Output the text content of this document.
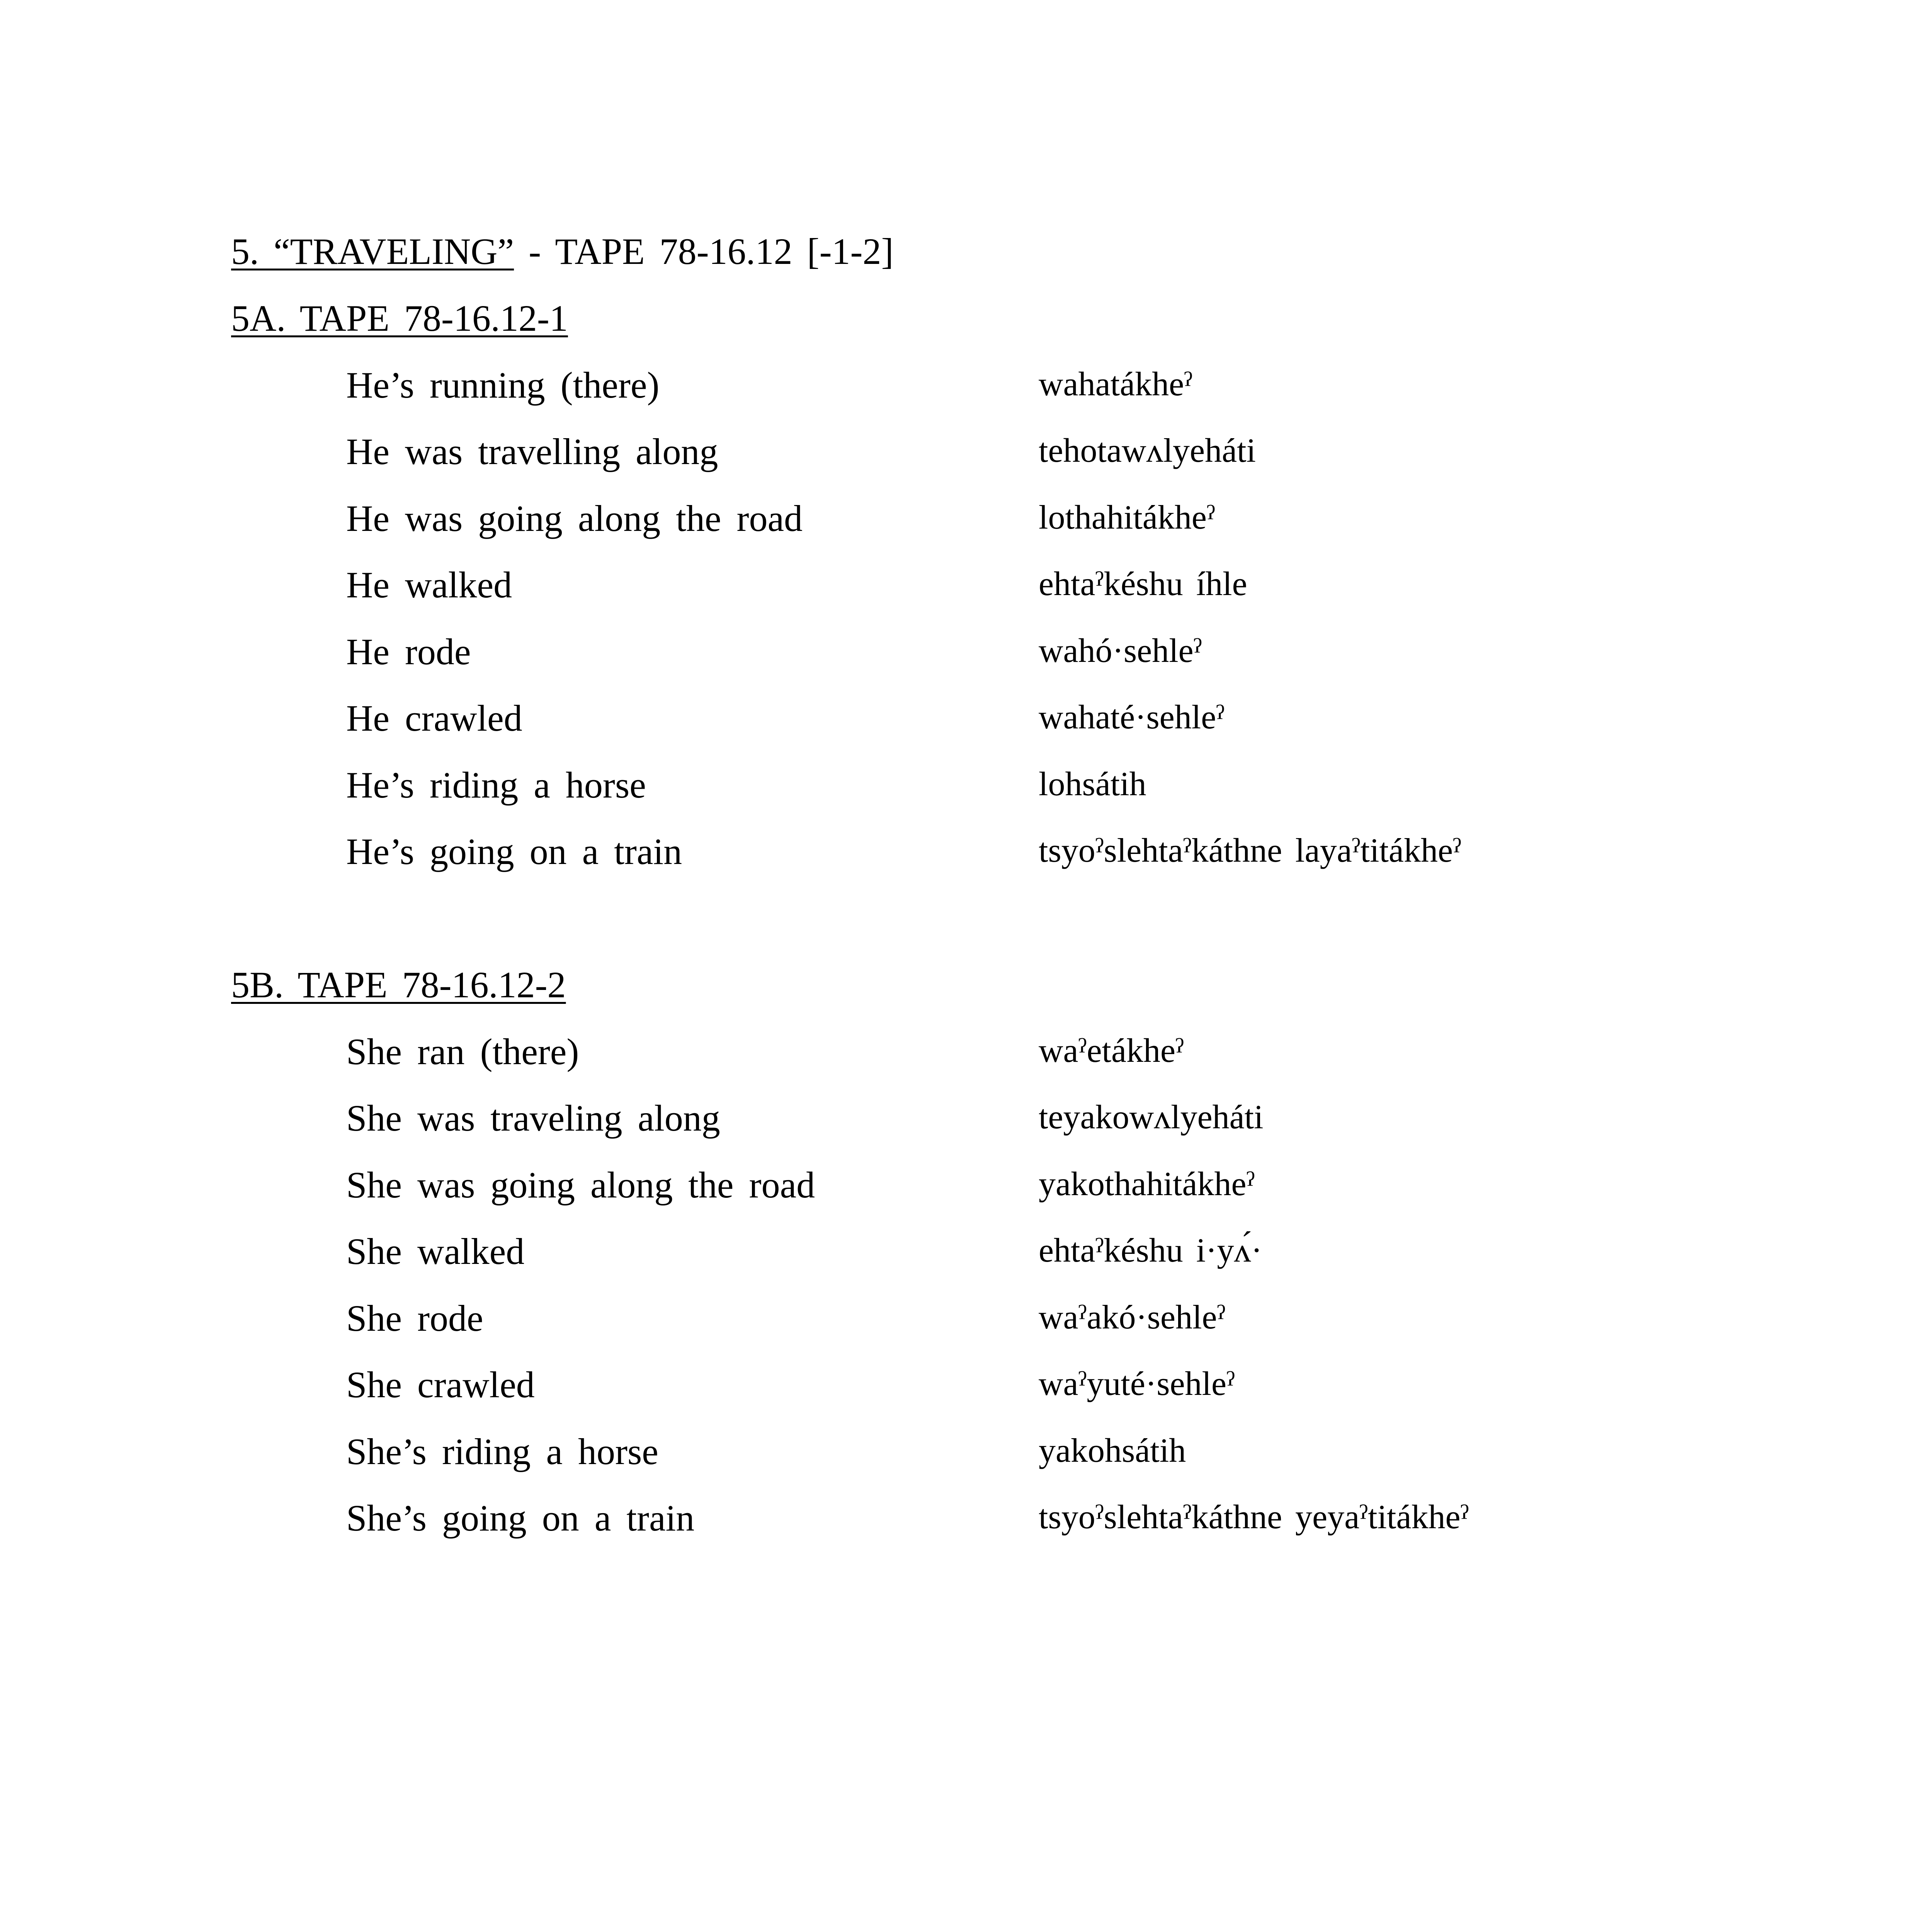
5. “TRAVELING” - TAPE 78-16.12 [-1-2]
5A. TAPE 78-16.12-1
He’s running (there)	wahatákheˀ
He was travelling along	tehotawʌlyeháti
He was going along the road	lothahitákheˀ
He walked	ehtaˀkéshu íhle
He rode	wahó·sehleˀ
He crawled	wahaté·sehleˀ
He’s riding a horse	lohsátih
He’s going on a train	tsyoˀslehtaˀkáthne layaˀtitákheˀ
5B. TAPE 78-16.12-2
She ran (there)	waˀetákheˀ
She was traveling along	teyakowʌlyeháti
She was going along the road	yakothahitákheˀ
She walked	ehtaˀkéshu i·yʌ́·
She rode	waˀakó·sehleˀ
She crawled	waˀyuté·sehleˀ
She’s riding a horse	yakohsátih
She’s going on a train	tsyoˀslehtaˀkáthne yeyaˀtitákheˀ
